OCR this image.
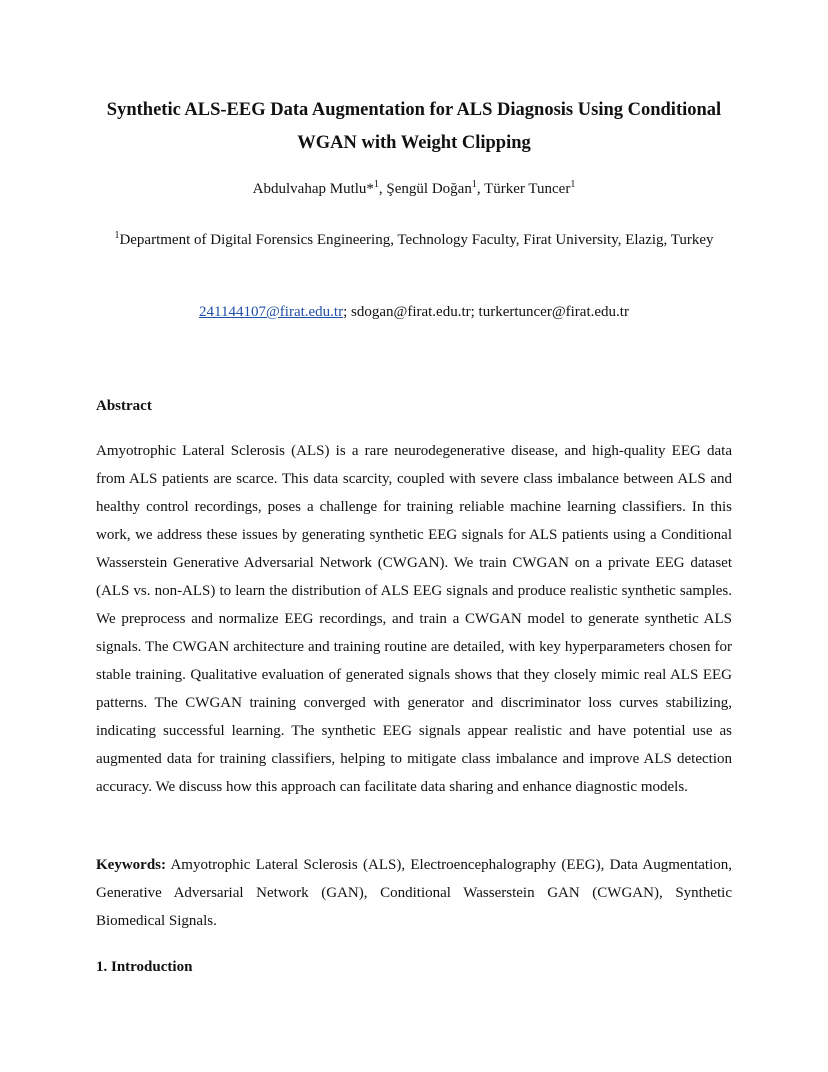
Synthetic ALS-EEG Data Augmentation for ALS Diagnosis Using Conditional WGAN with Weight Clipping
Abdulvahap Mutlu*$^1$, Şengül Doğan$^1$, Türker Tuncer$^1$
$^1$Department of Digital Forensics Engineering, Technology Faculty, Firat University, Elazig, Turkey
241144107@firat.edu.tr; sdogan@firat.edu.tr; turkertuncer@firat.edu.tr
Abstract
Amyotrophic Lateral Sclerosis (ALS) is a rare neurodegenerative disease, and high-quality EEG data from ALS patients are scarce. This data scarcity, coupled with severe class imbalance between ALS and healthy control recordings, poses a challenge for training reliable machine learning classifiers. In this work, we address these issues by generating synthetic EEG signals for ALS patients using a Conditional Wasserstein Generative Adversarial Network (CWGAN). We train CWGAN on a private EEG dataset (ALS vs. non-ALS) to learn the distribution of ALS EEG signals and produce realistic synthetic samples. We preprocess and normalize EEG recordings, and train a CWGAN model to generate synthetic ALS signals. The CWGAN architecture and training routine are detailed, with key hyperparameters chosen for stable training. Qualitative evaluation of generated signals shows that they closely mimic real ALS EEG patterns. The CWGAN training converged with generator and discriminator loss curves stabilizing, indicating successful learning. The synthetic EEG signals appear realistic and have potential use as augmented data for training classifiers, helping to mitigate class imbalance and improve ALS detection accuracy. We discuss how this approach can facilitate data sharing and enhance diagnostic models.
Keywords: Amyotrophic Lateral Sclerosis (ALS), Electroencephalography (EEG), Data Augmentation, Generative Adversarial Network (GAN), Conditional Wasserstein GAN (CWGAN), Synthetic Biomedical Signals.
1. Introduction
